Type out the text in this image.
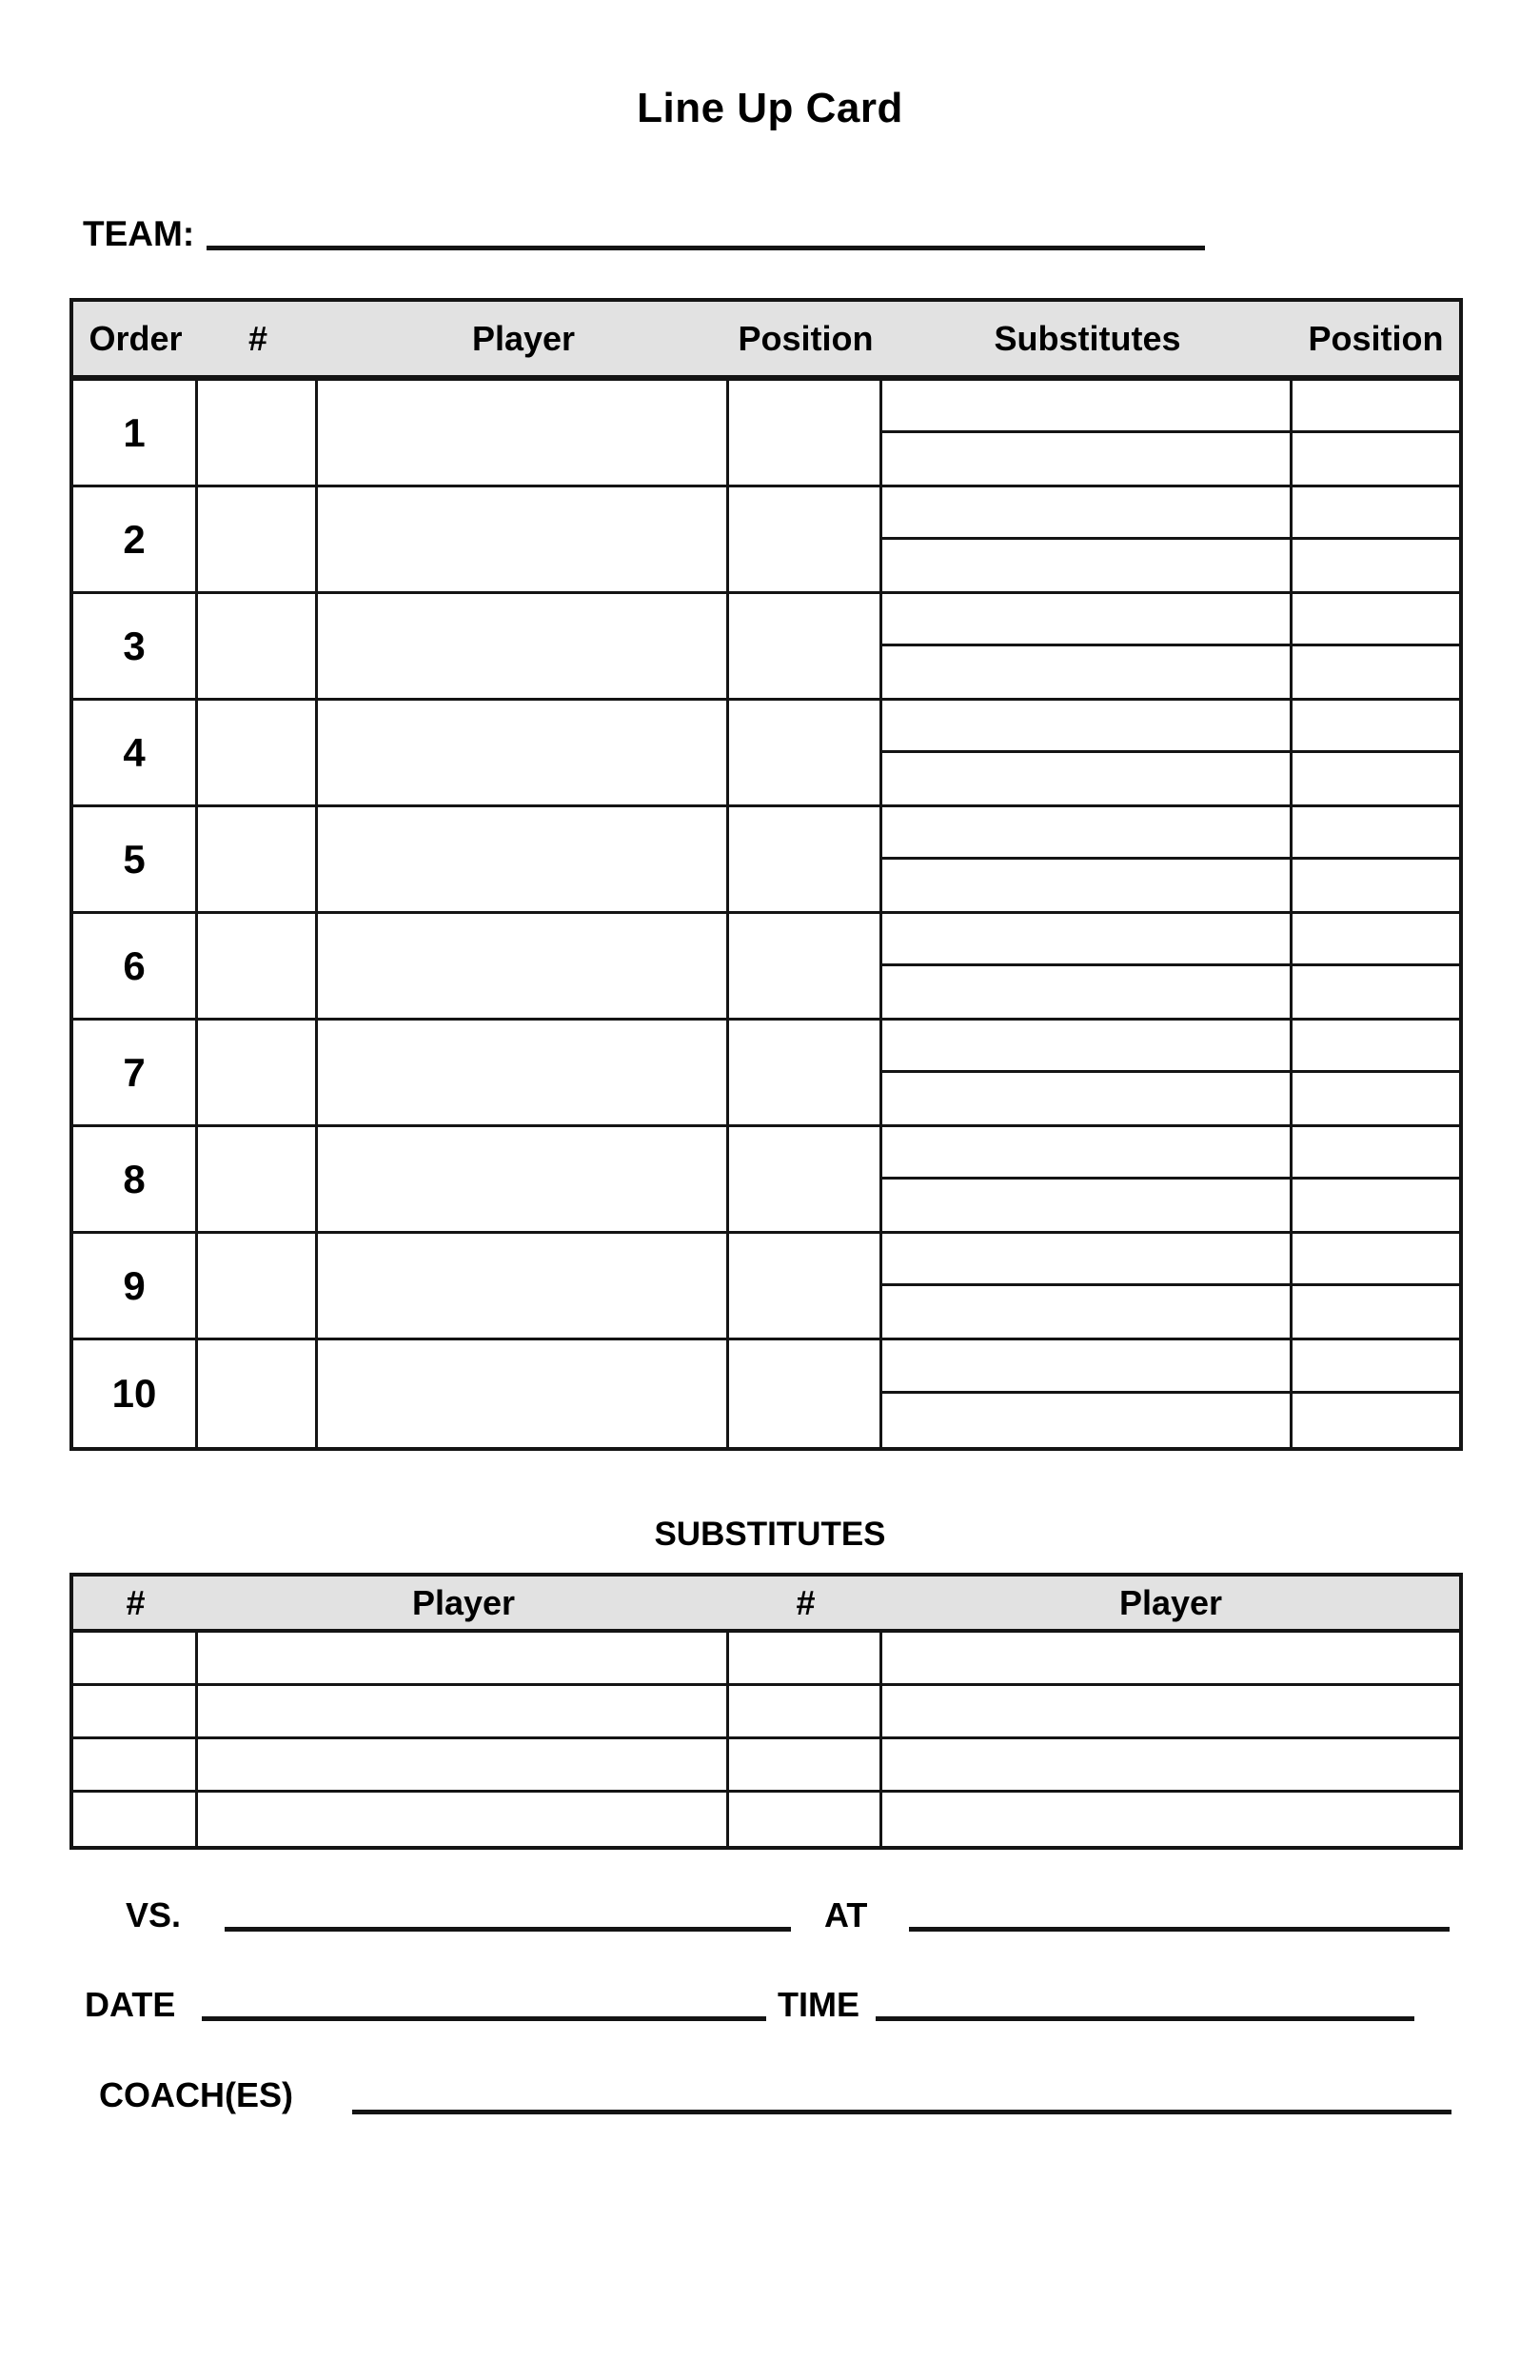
Line Up Card
TEAM:
Order	#	Player	Position	Substitutes	Position
1
2
3
4
5
6
7
8
9
10
SUBSTITUTES
#	Player	#	Player
VS.	AT
DATE	TIME
COACH(ES)
